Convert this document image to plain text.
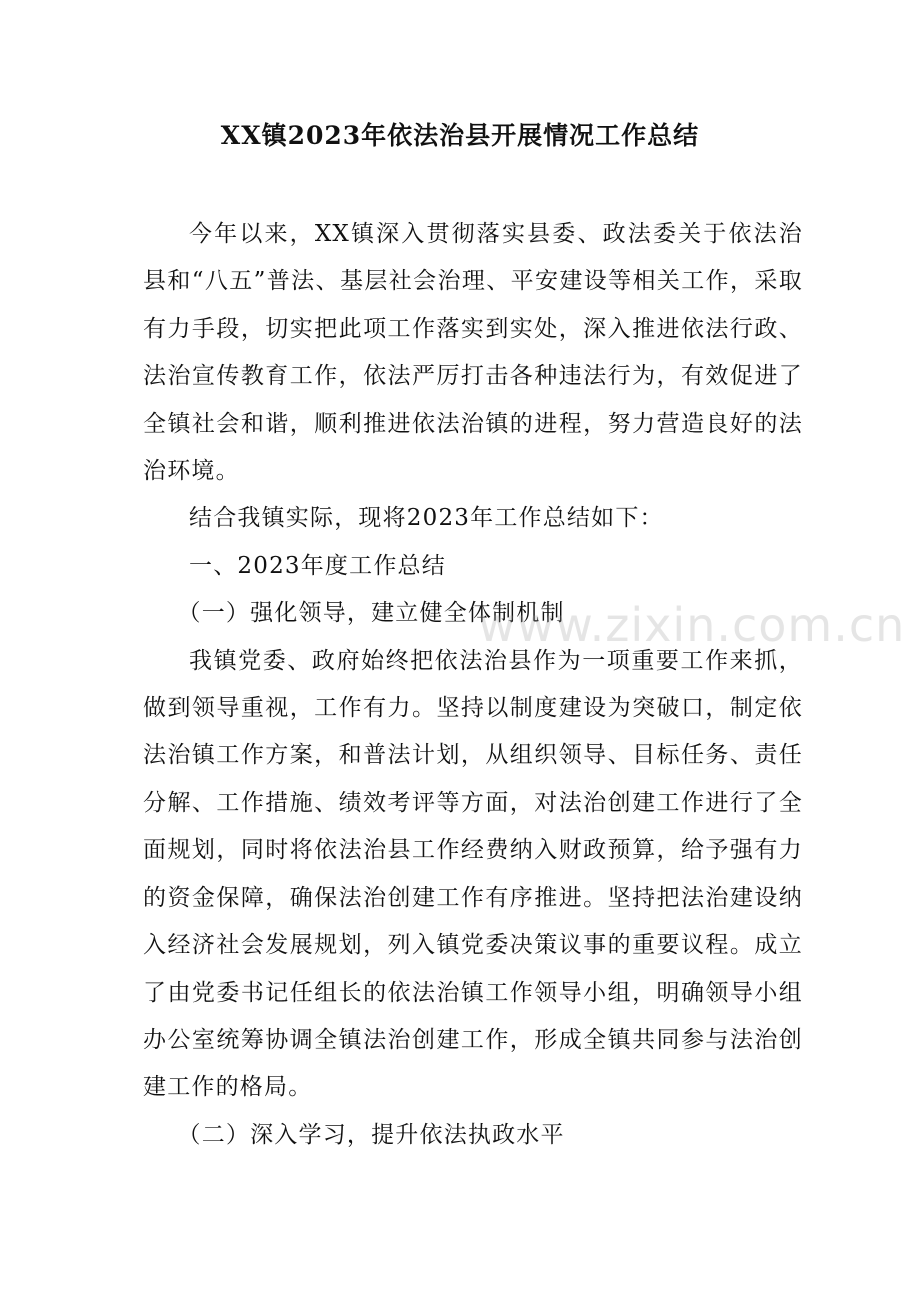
XX镇2023年依法治县开展情况工作总结

今年以来，XX镇深入贯彻落实县委、政法委关于依法治县和“八五”普法、基层社会治理、平安建设等相关工作，采取有力手段，切实把此项工作落实到实处，深入推进依法行政、法治宣传教育工作，依法严厉打击各种违法行为，有效促进了全镇社会和谐，顺利推进依法治镇的进程，努力营造良好的法治环境。

结合我镇实际，现将2023年工作总结如下：

一、2023年度工作总结

（一）强化领导，建立健全体制机制

我镇党委、政府始终把依法治县作为一项重要工作来抓，做到领导重视，工作有力。坚持以制度建设为突破口，制定依法治镇工作方案，和普法计划，从组织领导、目标任务、责任分解、工作措施、绩效考评等方面，对法治创建工作进行了全面规划，同时将依法治县工作经费纳入财政预算，给予强有力的资金保障，确保法治创建工作有序推进。坚持把法治建设纳入经济社会发展规划，列入镇党委决策议事的重要议程。成立了由党委书记任组长的依法治镇工作领导小组，明确领导小组办公室统筹协调全镇法治创建工作，形成全镇共同参与法治创建工作的格局。

（二）深入学习，提升依法执政水平

www.zixin.com.cn
